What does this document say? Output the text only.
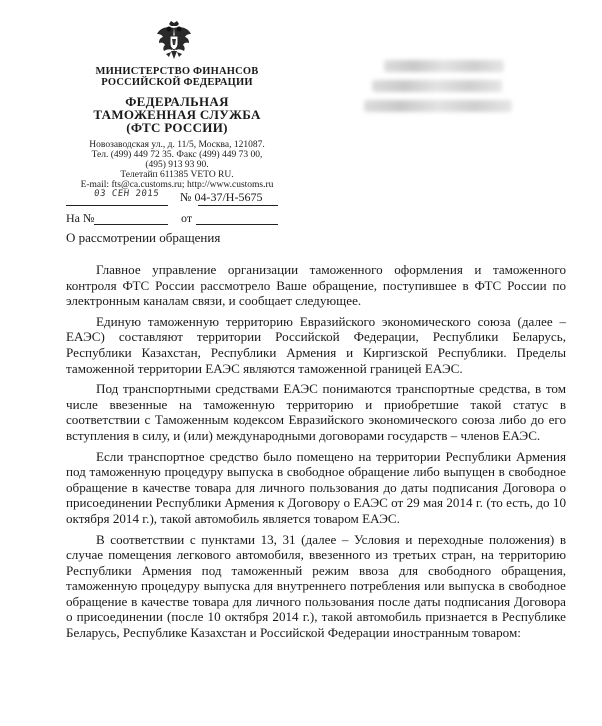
МИНИСТЕРСТВО ФИНАНСОВ
РОССИЙСКОЙ ФЕДЕРАЦИИ
ФЕДЕРАЛЬНАЯ
ТАМОЖЕННАЯ СЛУЖБА
(ФТС РОССИИ)
Новозаводская ул., д. 11/5, Москва, 121087.
Тел. (499) 449 72 35. Факс (499) 449 73 00,
(495) 913 93 90.
Телетайп 611385 VETO RU.
E-mail: fts@ca.customs.ru; http://www.customs.ru
03 СЕН 2015 № 04-37/Н-5675
На №	от
О рассмотрении обращения

Главное управление организации таможенного оформления и таможенного контроля ФТС России рассмотрело Ваше обращение, поступившее в ФТС России по электронным каналам связи, и сообщает следующее.

Единую таможенную территорию Евразийского экономического союза (далее – ЕАЭС) составляют территории Российской Федерации, Республики Беларусь, Республики Казахстан, Республики Армения и Киргизской Республики. Пределы таможенной территории ЕАЭС являются таможенной границей ЕАЭС.

Под транспортными средствами ЕАЭС понимаются транспортные средства, в том числе ввезенные на таможенную территорию и приобретшие такой статус в соответствии с Таможенным кодексом Евразийского экономического союза либо до его вступления в силу, и (или) международными договорами государств – членов ЕАЭС.

Если транспортное средство было помещено на территории Республики Армения под таможенную процедуру выпуска в свободное обращение либо выпущен в свободное обращение в качестве товара для личного пользования до даты подписания Договора о присоединении Республики Армения к Договору о ЕАЭС от 29 мая 2014 г. (то есть, до 10 октября 2014 г.), такой автомобиль является товаром ЕАЭС.

В соответствии с пунктами 13, 31 (далее – Условия и переходные положения) в случае помещения легкового автомобиля, ввезенного из третьих стран, на территорию Республики Армения под таможенный режим ввоза для свободного обращения, таможенную процедуру выпуска для внутреннего потребления или выпуска в свободное обращение в качестве товара для личного пользования после даты подписания Договора о присоединении (после 10 октября 2014 г.), такой автомобиль признается в Республике Беларусь, Республике Казахстан и Российской Федерации иностранным товаром:
